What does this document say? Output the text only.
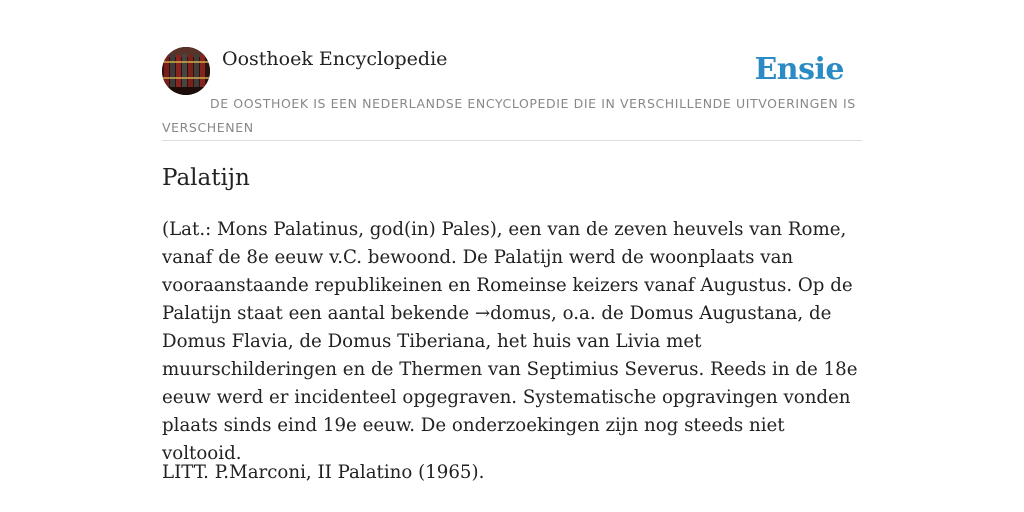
Oosthoek Encyclopedie	Ensie
DE OOSTHOEK IS EEN NEDERLANDSE ENCYCLOPEDIE DIE IN VERSCHILLENDE UITVOERINGEN IS VERSCHENEN
Palatijn

(Lat.: Mons Palatinus, god(in) Pales), een van de zeven heuvels van Rome, vanaf de 8e eeuw v.C. bewoond. De Palatijn werd de woonplaats van vooraanstaande republikeinen en Romeinse keizers vanaf Augustus. Op de Palatijn staat een aantal bekende →domus, o.a. de Domus Augustana, de Domus Flavia, de Domus Tiberiana, het huis van Livia met muurschilderingen en de Thermen van Septimius Severus. Reeds in de 18e eeuw werd er incidenteel opgegraven. Systematische opgravingen vonden plaats sinds eind 19e eeuw. De onderzoekingen zijn nog steeds niet voltooid.

LITT. P.Marconi, II Palatino (1965).
